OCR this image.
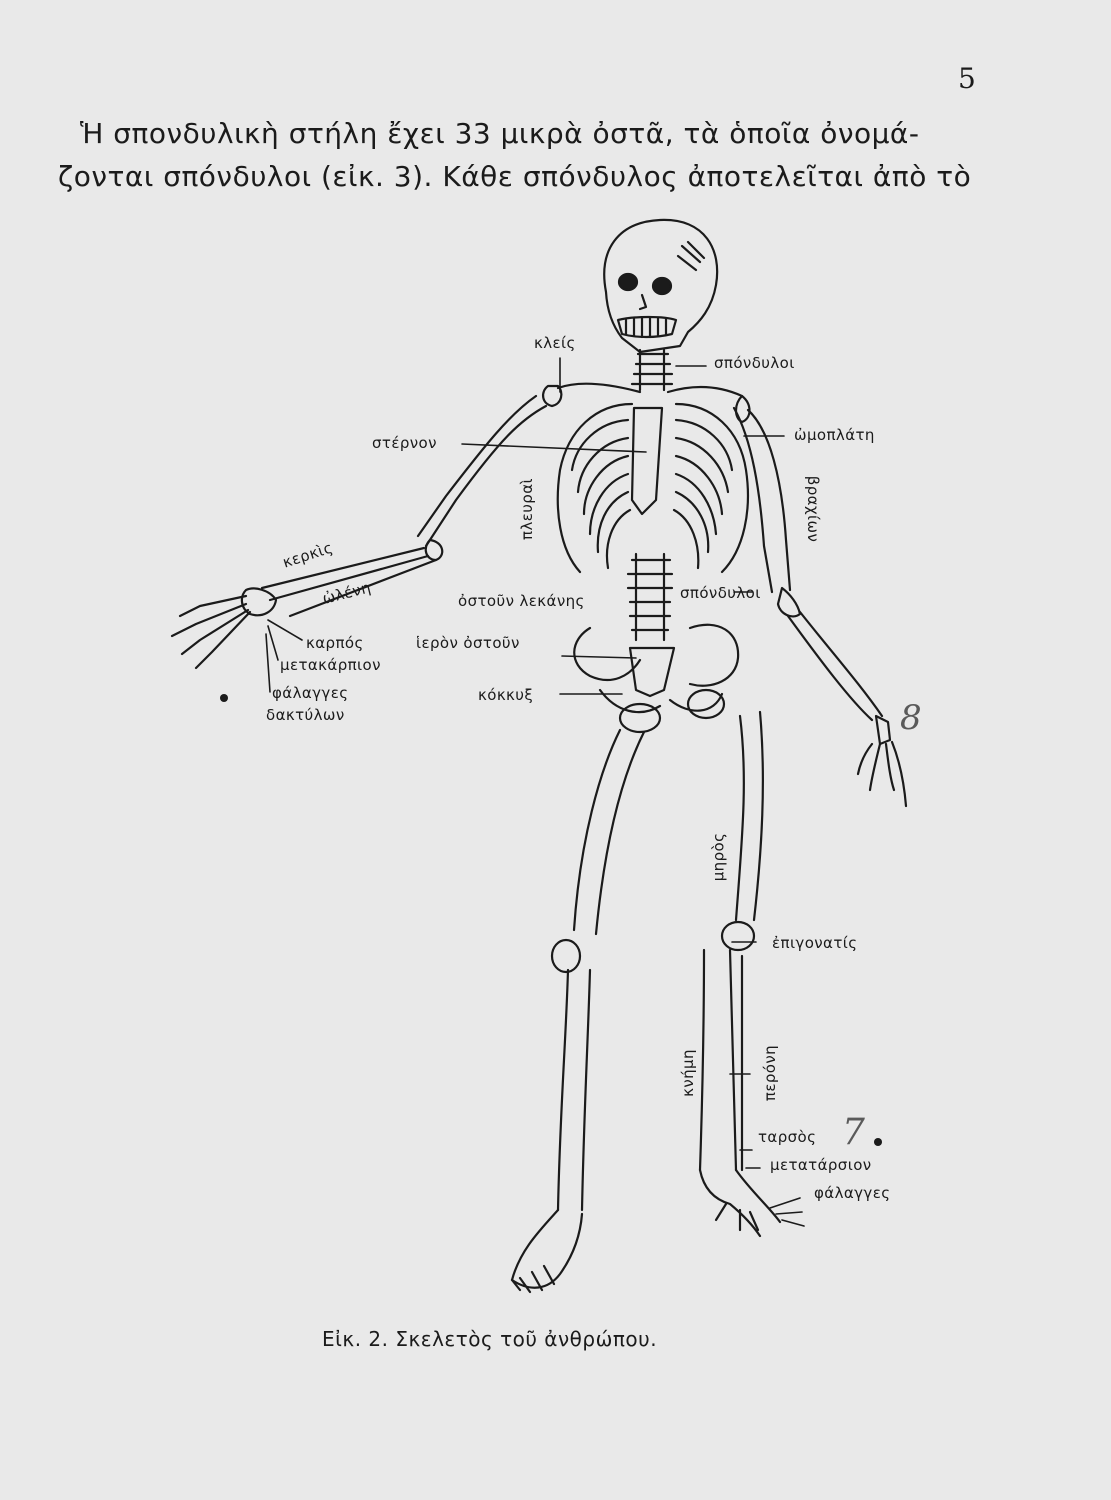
5
Ἡ σπονδυλικὴ στήλη ἔχει 33 μικρὰ ὀστᾶ, τὰ ὁποῖα ὀνομά-
ζονται σπόνδυλοι (εἰκ. 3). Κάθε σπόνδυλος ἀποτελεῖται ἀπὸ τὸ
κλείς
σπόνδυλοι
ὠμοπλάτη
στέρνον
πλευραὶ	βραχίων
κερκὶς
ὠλένη	ὀστοῦν λεκάνης	σπόνδυλοι
καρπός	ἱερὸν ὀστοῦν
μετακάρπιον
φάλαγγες
δακτύλων
κόκκυξ
μηρὸς
ἐπιγονατίς
κνήμη	περόνη
ταρσὸς
μετατάρσιον
φάλαγγες
8
7
Εἰκ. 2. Σκελετὸς τοῦ ἀνθρώπου.
